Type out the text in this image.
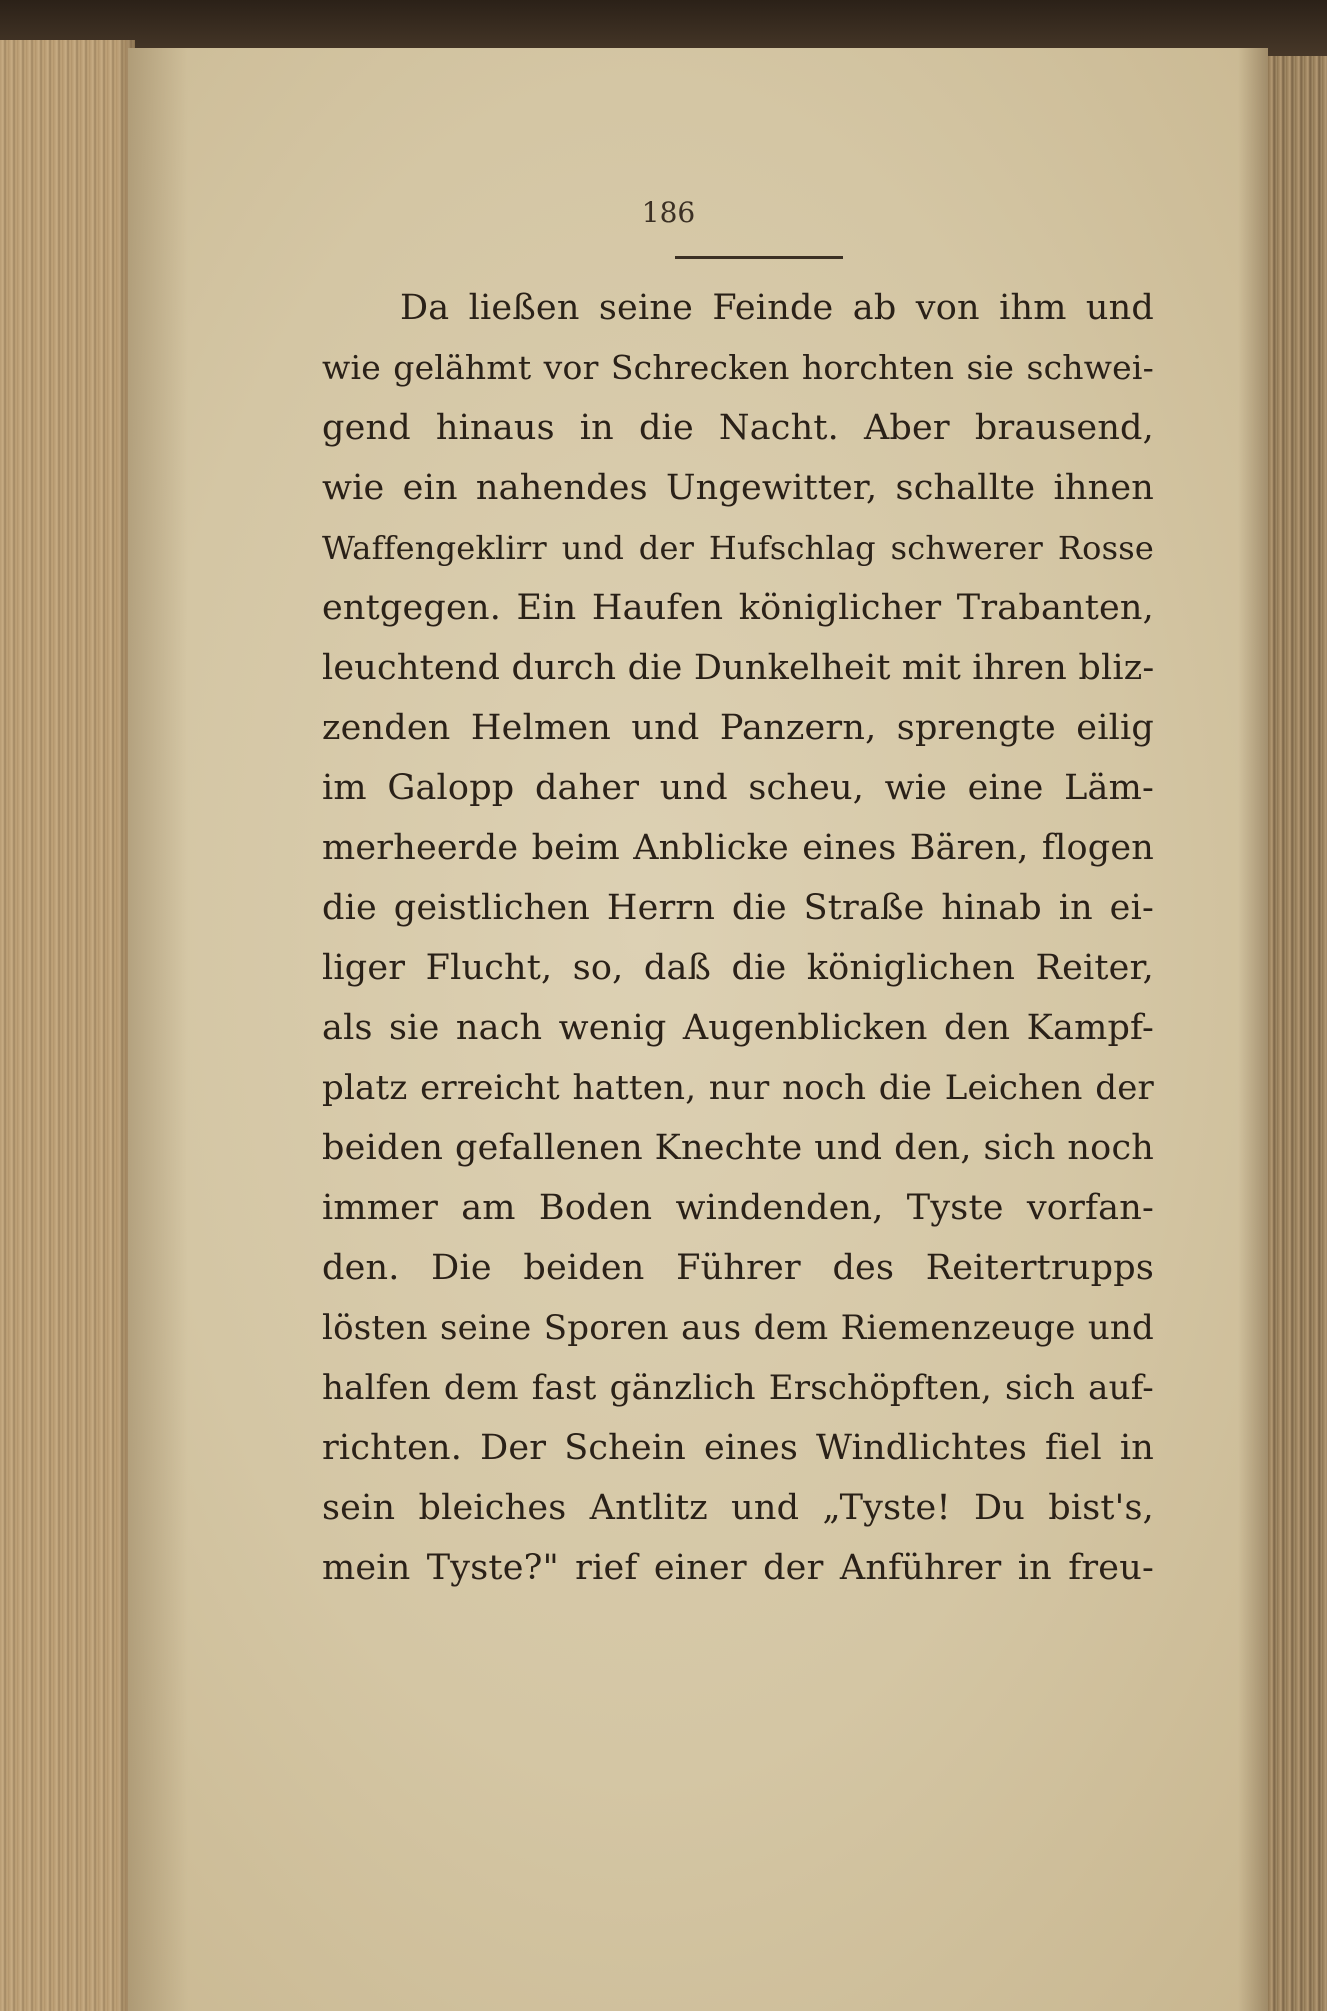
186
Da ließen seine Feinde ab von ihm und
wie gelähmt vor Schrecken horchten sie schwei-
gend hinaus in die Nacht. Aber brausend,
wie ein nahendes Ungewitter, schallte ihnen
Waffengeklirr und der Hufschlag schwerer Rosse
entgegen. Ein Haufen königlicher Trabanten,
leuchtend durch die Dunkelheit mit ihren bliz-
zenden Helmen und Panzern, sprengte eilig
im Galopp daher und scheu, wie eine Läm-
merheerde beim Anblicke eines Bären, flogen
die geistlichen Herrn die Straße hinab in ei-
liger Flucht, so, daß die königlichen Reiter,
als sie nach wenig Augenblicken den Kampf-
platz erreicht hatten, nur noch die Leichen der
beiden gefallenen Knechte und den, sich noch
immer am Boden windenden, Tyste vorfan-
den. Die beiden Führer des Reitertrupps
lösten seine Sporen aus dem Riemenzeuge und
halfen dem fast gänzlich Erschöpften, sich auf-
richten. Der Schein eines Windlichtes fiel in
sein bleiches Antlitz und „Tyste! Du bist's,
mein Tyste?" rief einer der Anführer in freu-
